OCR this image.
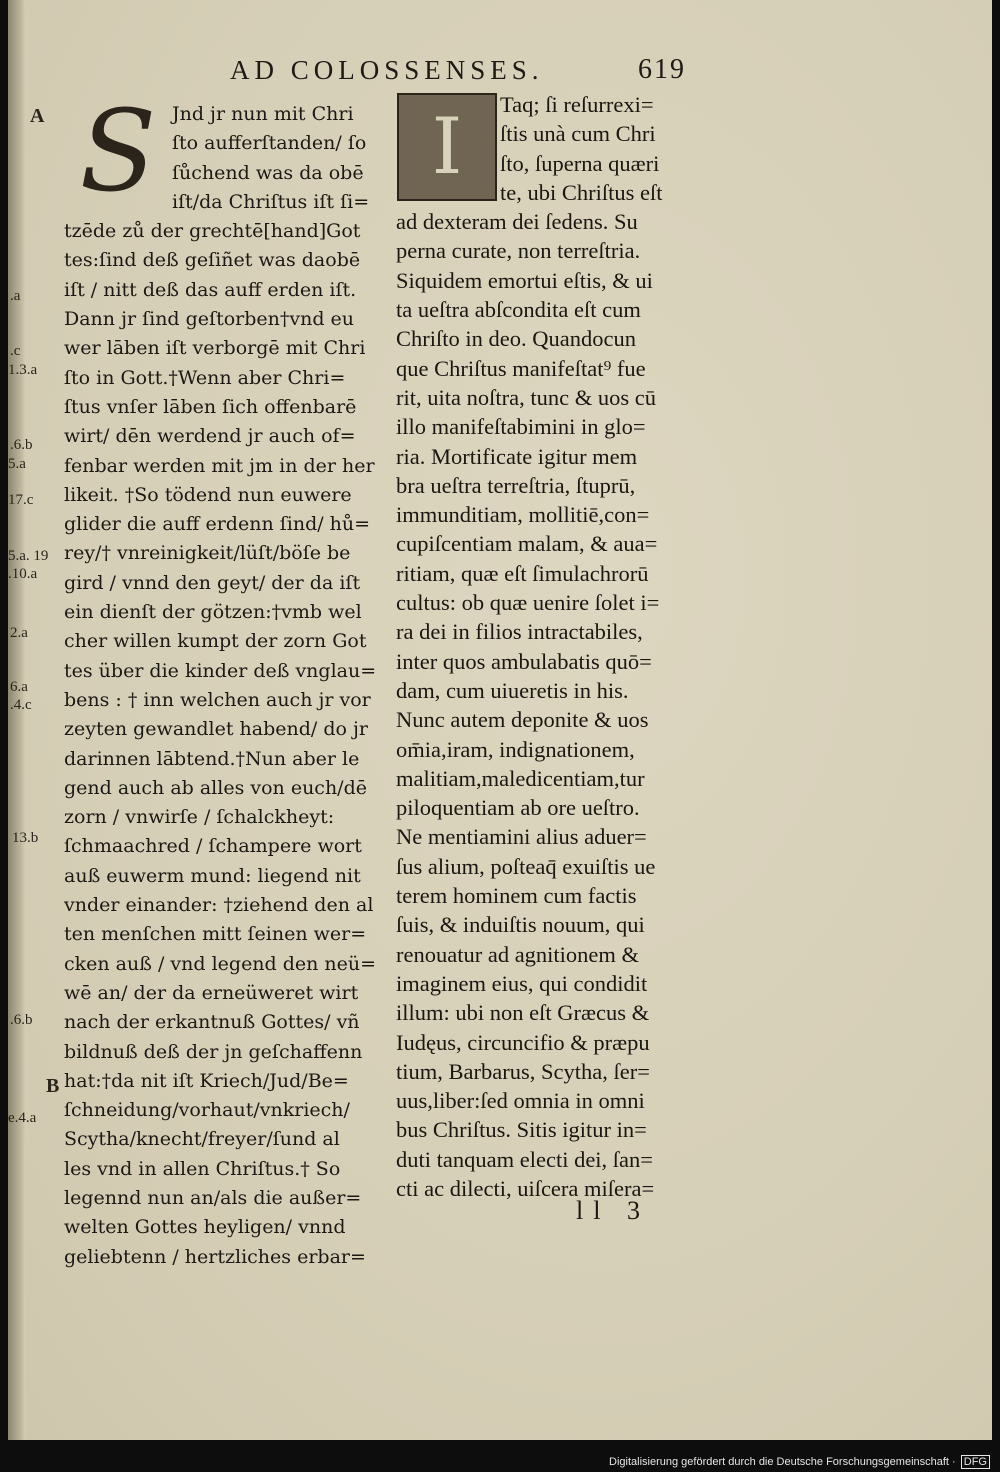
AD COLOSSENSES.	619
A
.a
.c
1.3.a
.6.b
5.a
17.c
5.a. 19
.10.a
2.a
6.a
.4.c
13.b
.6.b
B
e.4.a
S Jnd jr nun mit Chri
ſto aufferſtanden/ ſo
ſůchend was da obē
iſt/da Chriſtus iſt ſi=
tzēde zů der grechtē[hand]Got
tes:ſind deß geſiñet was daobē
iſt / nitt deß das auff erden iſt.
Dann jr ſind geſtorben†vnd eu
wer lāben iſt verborgē mit Chri
ſto in Gott.†Wenn aber Chri=
ſtus vnſer lāben ſich offenbarē
wirt/ dēn werdend jr auch of=
fenbar werden mit jm in der her
likeit. †So tödend nun euwere
glider die auff erdenn ſind/ hů=
rey/† vnreinigkeit/lüſt/böſe be
gird / vnnd den geyt/ der da iſt
ein dienſt der götzen:†vmb wel
cher willen kumpt der zorn Got
tes über die kinder deß vnglau=
bens : † inn welchen auch jr vor
zeyten gewandlet habend/ do jr
darinnen lābtend.†Nun aber le
gend auch ab alles von euch/dē
zorn / vnwirſe / ſchalckheyt:
ſchmaachred / ſchampere wort
auß euwerm mund: liegend nit
vnder einander: †ziehend den al
ten menſchen mitt ſeinen wer=
cken auß / vnd legend den neü=
wē an/ der da erneüweret wirt
nach der erkantnuß Gottes/ vñ
bildnuß deß der jn geſchaffenn
hat:†da nit iſt Kriech/Jud/Be=
ſchneidung/vorhaut/vnkriech/
Scytha/knecht/freyer/ſund al
les vnd in allen Chriſtus.† So
legennd nun an/als die außer=
welten Gottes heyligen/ vnnd
geliebtenn / hertzliches erbar=
I	Taq; ſi reſurrexi=
ſtis unà cum Chri
ſto, ſuperna quæri
te, ubi Chriſtus eſt
ad dexteram dei ſedens. Su
perna curate, non terreſtria.
Siquidem emortui eſtis, & ui
ta ueſtra abſcondita eſt cum
Chriſto in deo. Quandocun
que Chriſtus manifeſtat⁹ fue
rit, uita noſtra, tunc & uos cū
illo manifeſtabimini in glo=
ria. Mortificate igitur mem
bra ueſtra terreſtria, ſtuprū,
immunditiam, mollitiē,con=
cupiſcentiam malam, & aua=
ritiam, quæ eſt ſimulachrorū
cultus: ob quæ uenire ſolet i=
ra dei in filios intractabiles,
inter quos ambulabatis quō=
dam, cum uiueretis in his.
Nunc autem deponite & uos
om̄ia,iram, indignationem,
malitiam,maledicentiam,tur
piloquentiam ab ore ueſtro.
Ne mentiamini alius aduer=
ſus alium, poſteaq̄ exuiſtis ue
terem hominem cum factis
ſuis, & induiſtis nouum, qui
renouatur ad agnitionem &
imaginem eius, qui condidit
illum: ubi non eſt Græcus &
Iudęus, circuncifio & præpu
tium, Barbarus, Scytha, ſer=
uus,liber:ſed omnia in omni
bus Chriſtus. Sitis igitur in=
duti tanquam electi dei, ſan=
cti ac dilecti, uiſcera miſera=
ll 3
Digitalisierung gefördert durch die Deutsche Forschungsgemeinschaft · DFG
